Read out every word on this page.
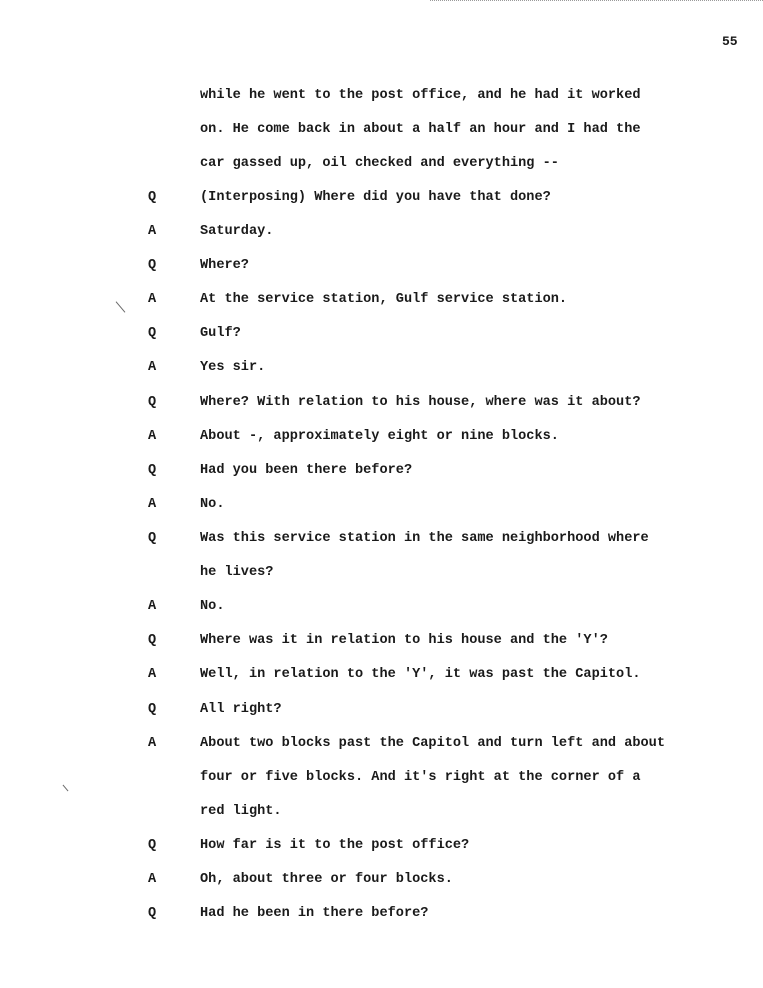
55
while he went to the post office, and he had it worked
on. He come back in about a half an hour and I had the
car gassed up, oil checked and everything --
Q	(Interposing) Where did you have that done?
A	Saturday.
Q	Where?
A	At the service station, Gulf service station.
Q	Gulf?
A	Yes sir.
Q	Where? With relation to his house, where was it about?
A	About -, approximately eight or nine blocks.
Q	Had you been there before?
A	No.
Q	Was this service station in the same neighborhood where
he lives?
A	No.
Q	Where was it in relation to his house and the 'Y'?
A	Well, in relation to the 'Y', it was past the Capitol.
Q	All right?
A	About two blocks past the Capitol and turn left and about
four or five blocks. And it's right at the corner of a
red light.
Q	How far is it to the post office?
A	Oh, about three or four blocks.
Q	Had he been in there before?
